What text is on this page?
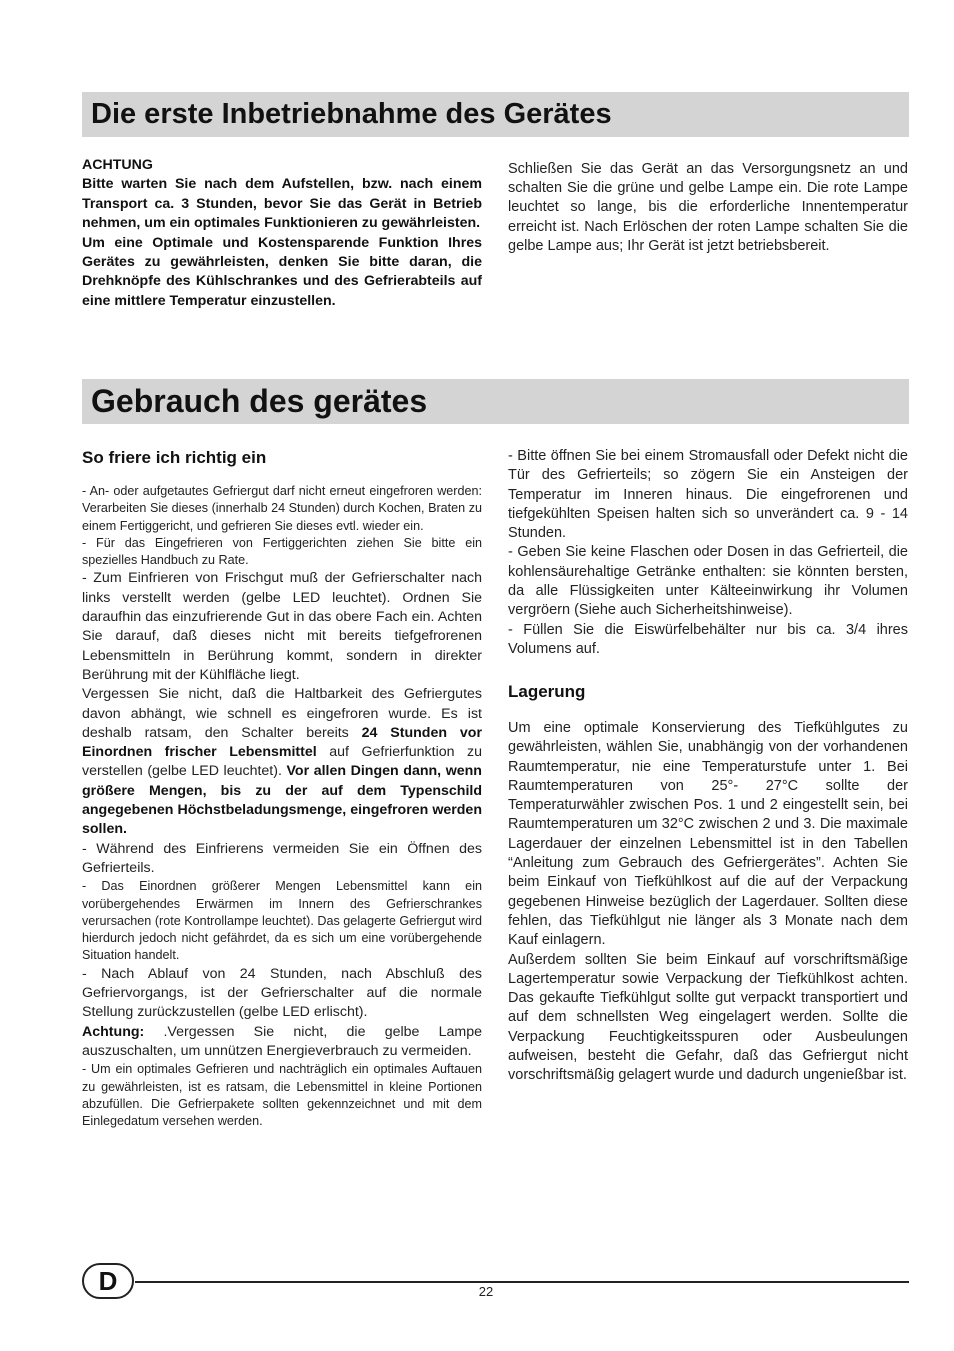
Die erste Inbetriebnahme des Gerätes

ACHTUNG

Bitte warten Sie nach dem Aufstellen, bzw. nach einem Transport ca. 3 Stunden, bevor Sie das Gerät in Betrieb nehmen, um ein optimales Funktionieren zu gewährleisten.

Um eine Optimale und Kostensparende Funktion Ihres Gerätes zu gewährleisten, denken Sie bitte daran, die Drehknöpfe des Kühlschrankes und des Gefrierabteils auf eine mittlere Temperatur einzustellen.

Schließen Sie das Gerät an das Versorgungsnetz an und schalten Sie die grüne und gelbe Lampe ein. Die rote Lampe leuchtet so lange, bis die erforderliche Innentemperatur erreicht ist. Nach Erlöschen der roten Lampe schalten Sie die gelbe Lampe aus; Ihr Gerät ist jetzt betriebsbereit.

Gebrauch des gerätes
So friere ich richtig ein

- An- oder aufgetautes Gefriergut darf nicht erneut eingefroren werden: Verarbeiten Sie dieses (innerhalb 24 Stunden) durch Kochen, Braten zu einem Fertiggericht, und gefrieren Sie dieses evtl. wieder ein.

- Für das Eingefrieren von Fertiggerichten ziehen Sie bitte ein spezielles Handbuch zu Rate.

- Zum Einfrieren von Frischgut muß der Gefrierschalter nach links verstellt werden (gelbe LED leuchtet). Ordnen Sie daraufhin das einzufrierende Gut in das obere Fach ein. Achten Sie darauf, daß dieses nicht mit bereits tiefgefrorenen Lebensmitteln in Berührung kommt, sondern in direkter Berührung mit der Kühlfläche liegt.

Vergessen Sie nicht, daß die Haltbarkeit des Gefriergutes davon abhängt, wie schnell es eingefroren wurde. Es ist deshalb ratsam, den Schalter bereits 24 Stunden vor Einordnen frischer Lebensmittel auf Gefrierfunktion zu verstellen (gelbe LED leuchtet). Vor allen Dingen dann, wenn größere Mengen, bis zu der auf dem Typenschild angegebenen Höchstbeladungsmenge, eingefroren werden sollen.

- Während des Einfrierens vermeiden Sie ein Öffnen des Gefrierteils.

- Das Einordnen größerer Mengen Lebensmittel kann ein vorübergehendes Erwärmen im Innern des Gefrierschrankes verursachen (rote Kontrollampe leuchtet). Das gelagerte Gefriergut wird hierdurch jedoch nicht gefährdet, da es sich um eine vorübergehende Situation handelt.

- Nach Ablauf von 24 Stunden, nach Abschluß des Gefriervorgangs, ist der Gefrierschalter auf die normale Stellung zurückzustellen (gelbe LED erlischt).

Achtung: .Vergessen Sie nicht, die gelbe Lampe auszuschalten, um unnützen Energieverbrauch zu vermeiden.

- Um ein optimales Gefrieren und nachträglich ein optimales Auftauen zu gewährleisten, ist es ratsam, die Lebensmittel in kleine Portionen abzufüllen. Die Gefrierpakete sollten gekennzeichnet und mit dem Einlegedatum versehen werden.

- Bitte öffnen Sie bei einem Stromausfall oder Defekt nicht die Tür des Gefrierteils; so zögern Sie ein Ansteigen der Temperatur im Inneren hinaus. Die eingefrorenen und tiefgekühlten Speisen halten sich so unverändert ca. 9 - 14 Stunden.

- Geben Sie keine Flaschen oder Dosen in das Gefrierteil, die kohlensäurehaltige Getränke enthalten: sie könnten bersten, da alle Flüssigkeiten unter Kälteeinwirkung ihr Volumen vergröern (Siehe auch Sicherheitshinweise).

- Füllen Sie die Eiswürfelbehälter nur bis ca. 3/4 ihres Volumens auf.

Lagerung

Um eine optimale Konservierung des Tiefkühlgutes zu gewährleisten, wählen Sie, unabhängig von der vorhandenen Raumtemperatur, nie eine Temperaturstufe unter 1. Bei Raumtemperaturen von 25°- 27°C sollte der Temperaturwähler zwischen Pos. 1 und 2 eingestellt sein, bei Raumtemperaturen um 32°C zwischen 2 und 3. Die maximale Lagerdauer der einzelnen Lebensmittel ist in den Tabellen “Anleitung zum Gebrauch des Gefriergerätes”. Achten Sie beim Einkauf von Tiefkühlkost auf die auf der Verpackung gegebenen Hinweise bezüglich der Lagerdauer. Sollten diese fehlen, das Tiefkühlgut nie länger als 3 Monate nach dem Kauf einlagern.

Außerdem sollten Sie beim Einkauf auf vorschriftsmäßige Lagertemperatur sowie Verpackung der Tiefkühlkost achten. Das gekaufte Tiefkühlgut sollte gut verpackt transportiert und auf dem schnellsten Weg eingelagert werden. Sollte die Verpackung Feuchtigkeitsspuren oder Ausbeulungen aufweisen, besteht die Gefahr, daß das Gefriergut nicht vorschriftsmäßig gelagert wurde und dadurch ungenießbar ist.

D	22
